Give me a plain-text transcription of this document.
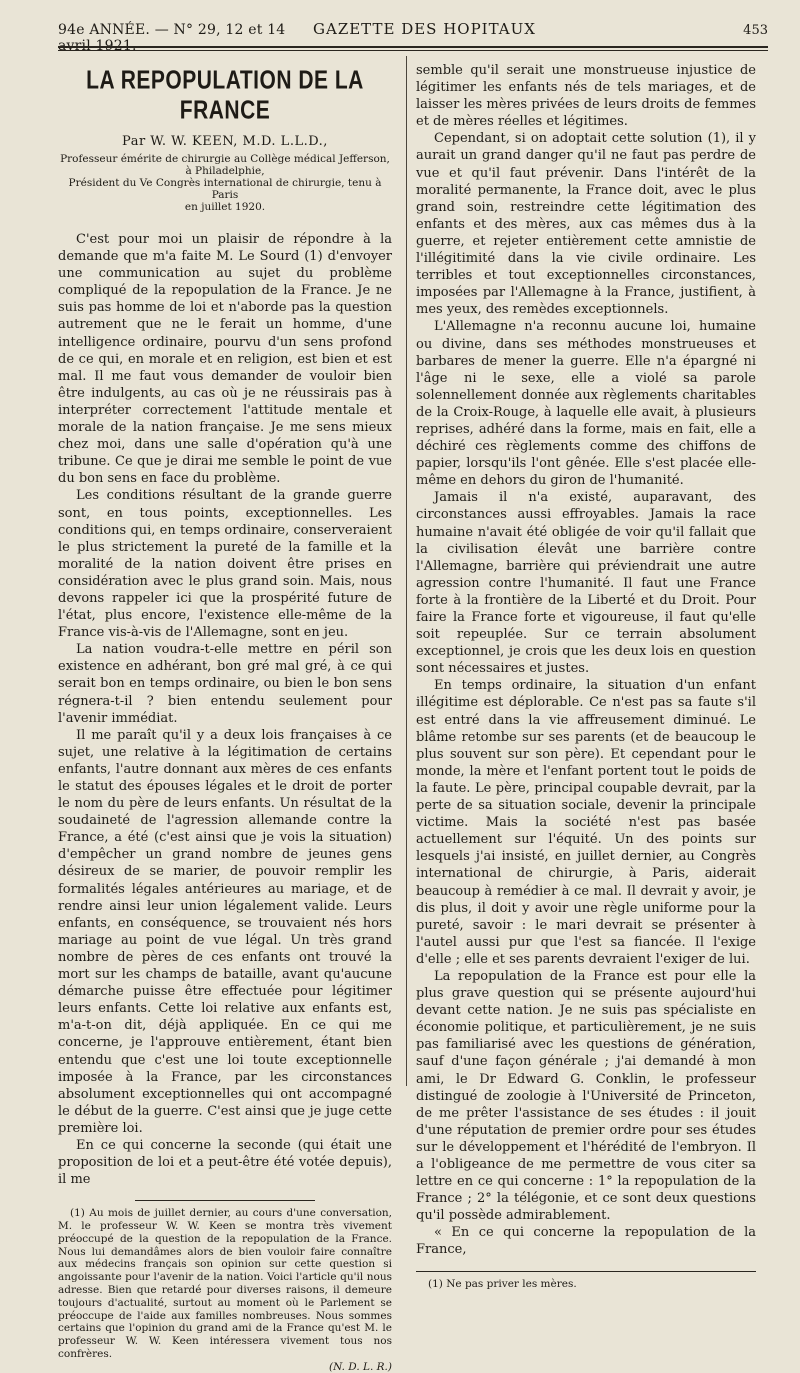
94e ANNÉE. — N° 29, 12 et 14 avril 1921.
GAZETTE DES HOPITAUX	453
LA REPOPULATION DE LA FRANCE
Par W. W. KEEN, M.D. L.L.D.,

Professeur émérite de chirurgie au Collège médical Jefferson,

à Philadelphie,

Président du Ve Congrès international de chirurgie, tenu à Paris

en juillet 1920.

C'est pour moi un plaisir de répondre à la demande que m'a faite M. Le Sourd (1) d'envoyer une communication au sujet du problème compliqué de la repopulation de la France. Je ne suis pas homme de loi et n'aborde pas la question autrement que ne le ferait un homme, d'une intelligence ordinaire, pourvu d'un sens profond de ce qui, en morale et en religion, est bien et est mal. Il me faut vous demander de vouloir bien être indulgents, au cas où je ne réussirais pas à interpréter correctement l'attitude mentale et morale de la nation française. Je me sens mieux chez moi, dans une salle d'opération qu'à une tribune. Ce que je dirai me semble le point de vue du bon sens en face du problème.

Les conditions résultant de la grande guerre sont, en tous points, exceptionnelles. Les conditions qui, en temps ordinaire, conserveraient le plus strictement la pureté de la famille et la moralité de la nation doivent être prises en considération avec le plus grand soin. Mais, nous devons rappeler ici que la prospérité future de l'état, plus encore, l'existence elle-même de la France vis-à-vis de l'Allemagne, sont en jeu.

La nation voudra-t-elle mettre en péril son existence en adhérant, bon gré mal gré, à ce qui serait bon en temps ordinaire, ou bien le bon sens régnera-t-il ? bien entendu seulement pour l'avenir immédiat.

Il me paraît qu'il y a deux lois françaises à ce sujet, une relative à la légitimation de certains enfants, l'autre donnant aux mères de ces enfants le statut des épouses légales et le droit de porter le nom du père de leurs enfants. Un résultat de la soudaineté de l'agression allemande contre la France, a été (c'est ainsi que je vois la situation) d'empêcher un grand nombre de jeunes gens désireux de se marier, de pouvoir remplir les formalités légales antérieures au mariage, et de rendre ainsi leur union légalement valide. Leurs enfants, en conséquence, se trouvaient nés hors mariage au point de vue légal. Un très grand nombre de pères de ces enfants ont trouvé la mort sur les champs de bataille, avant qu'aucune démarche puisse être effectuée pour légitimer leurs enfants. Cette loi relative aux enfants est, m'a-t-on dit, déjà appliquée. En ce qui me concerne, je l'approuve entièrement, étant bien entendu que c'est une loi toute exceptionnelle imposée à la France, par les circonstances absolument exceptionnelles qui ont accompagné le début de la guerre. C'est ainsi que je juge cette première loi.

En ce qui concerne la seconde (qui était une proposition de loi et a peut-être été votée depuis), il me

(1) Au mois de juillet dernier, au cours d'une conversation, M. le professeur W. W. Keen se montra très vivement préoccupé de la question de la repopulation de la France. Nous lui demandâmes alors de bien vouloir faire connaître aux médecins français son opinion sur cette question si angoissante pour l'avenir de la nation. Voici l'article qu'il nous adresse. Bien que retardé pour diverses raisons, il demeure toujours d'actualité, surtout au moment où le Parlement se préoccupe de l'aide aux familles nombreuses. Nous sommes certains que l'opinion du grand ami de la France qu'est M. le professeur W. W. Keen intéressera vivement tous nos confrères.

(N. D. L. R.)

semble qu'il serait une monstrueuse injustice de légitimer les enfants nés de tels mariages, et de laisser les mères privées de leurs droits de femmes et de mères réelles et légitimes.

Cependant, si on adoptait cette solution (1), il y aurait un grand danger qu'il ne faut pas perdre de vue et qu'il faut prévenir. Dans l'intérêt de la moralité permanente, la France doit, avec le plus grand soin, restreindre cette légitimation des enfants et des mères, aux cas mêmes dus à la guerre, et rejeter entièrement cette amnistie de l'illégitimité dans la vie civile ordinaire. Les terribles et tout exceptionnelles circonstances, imposées par l'Allemagne à la France, justifient, à mes yeux, des remèdes exceptionnels.

L'Allemagne n'a reconnu aucune loi, humaine ou divine, dans ses méthodes monstrueuses et barbares de mener la guerre. Elle n'a épargné ni l'âge ni le sexe, elle a violé sa parole solennellement donnée aux règlements charitables de la Croix-Rouge, à laquelle elle avait, à plusieurs reprises, adhéré dans la forme, mais en fait, elle a déchiré ces règlements comme des chiffons de papier, lorsqu'ils l'ont gênée. Elle s'est placée elle-même en dehors du giron de l'humanité.

Jamais il n'a existé, auparavant, des circonstances aussi effroyables. Jamais la race humaine n'avait été obligée de voir qu'il fallait que la civilisation élevât une barrière contre l'Allemagne, barrière qui préviendrait une autre agression contre l'humanité. Il faut une France forte à la frontière de la Liberté et du Droit. Pour faire la France forte et vigoureuse, il faut qu'elle soit repeuplée. Sur ce terrain absolument exceptionnel, je crois que les deux lois en question sont nécessaires et justes.

En temps ordinaire, la situation d'un enfant illégitime est déplorable. Ce n'est pas sa faute s'il est entré dans la vie affreusement diminué. Le blâme retombe sur ses parents (et de beaucoup le plus souvent sur son père). Et cependant pour le monde, la mère et l'enfant portent tout le poids de la faute. Le père, principal coupable devrait, par la perte de sa situation sociale, devenir la principale victime. Mais la société n'est pas basée actuellement sur l'équité. Un des points sur lesquels j'ai insisté, en juillet dernier, au Congrès international de chirurgie, à Paris, aiderait beaucoup à remédier à ce mal. Il devrait y avoir, je dis plus, il doit y avoir une règle uniforme pour la pureté, savoir : le mari devrait se présenter à l'autel aussi pur que l'est sa fiancée. Il l'exige d'elle ; elle et ses parents devraient l'exiger de lui.

La repopulation de la France est pour elle la plus grave question qui se présente aujourd'hui devant cette nation. Je ne suis pas spécialiste en économie politique, et particulièrement, je ne suis pas familiarisé avec les questions de génération, sauf d'une façon générale ; j'ai demandé à mon ami, le Dr Edward G. Conklin, le professeur distingué de zoologie à l'Université de Princeton, de me prêter l'assistance de ses études : il jouit d'une réputation de premier ordre pour ses études sur le développement et l'hérédité de l'embryon. Il a l'obligeance de me permettre de vous citer sa lettre en ce qui concerne : 1° la repopulation de la France ; 2° la télégonie, et ce sont deux questions qu'il possède admirablement.

« En ce qui concerne la repopulation de la France,

(1) Ne pas priver les mères.
